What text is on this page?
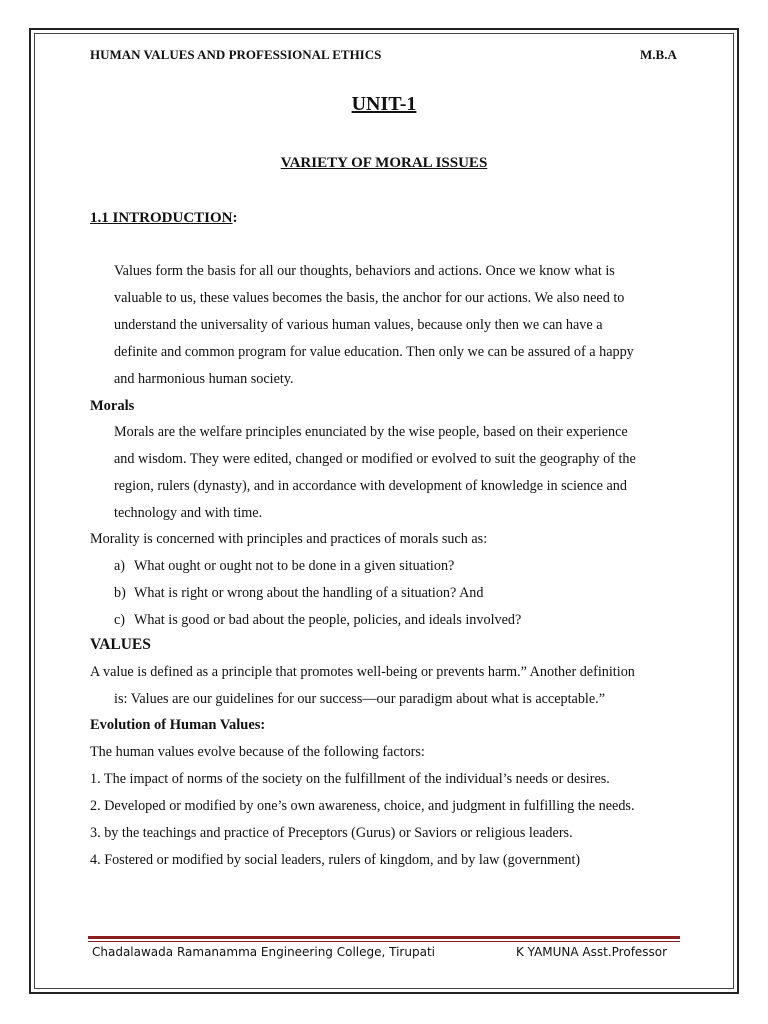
HUMAN VALUES AND PROFESSIONAL ETHICS	M.B.A
UNIT-1
VARIETY OF MORAL ISSUES
1.1 INTRODUCTION:
Values form the basis for all our thoughts, behaviors and actions. Once we know what is
valuable to us, these values becomes the basis, the anchor for our actions. We also need to
understand the universality of various human values, because only then we can have a
definite and common program for value education. Then only we can be assured of a happy
and harmonious human society.
Morals
Morals are the welfare principles enunciated by the wise people, based on their experience
and wisdom. They were edited, changed or modified or evolved to suit the geography of the
region, rulers (dynasty), and in accordance with development of knowledge in science and
technology and with time.
Morality is concerned with principles and practices of morals such as:
a) What ought or ought not to be done in a given situation?
b) What is right or wrong about the handling of a situation? And
c) What is good or bad about the people, policies, and ideals involved?
VALUES
A value is defined as a principle that promotes well-being or prevents harm.” Another definition
is: Values are our guidelines for our success—our paradigm about what is acceptable.”
Evolution of Human Values:
The human values evolve because of the following factors:
1. The impact of norms of the society on the fulfillment of the individual’s needs or desires.
2. Developed or modified by one’s own awareness, choice, and judgment in fulfilling the needs.
3. by the teachings and practice of Preceptors (Gurus) or Saviors or religious leaders.
4. Fostered or modified by social leaders, rulers of kingdom, and by law (government)
Chadalawada Ramanamma Engineering College, Tirupati	K YAMUNA Asst.Professor
